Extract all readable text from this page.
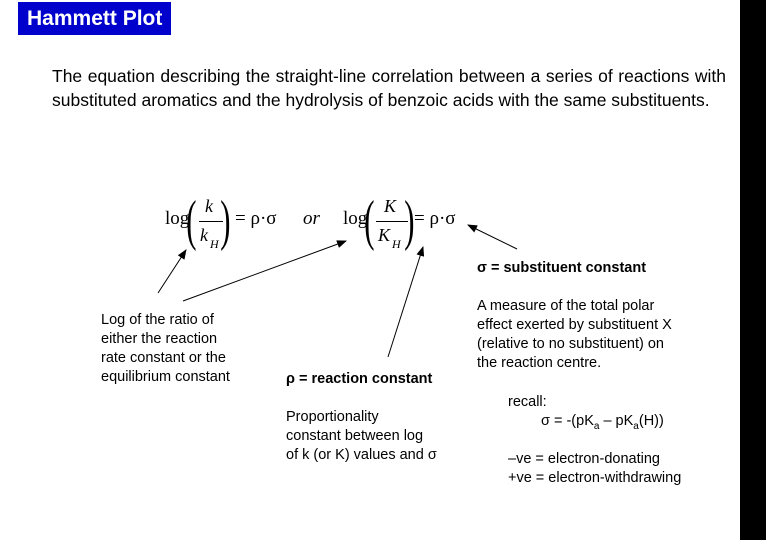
Hammett Plot
The equation describing the straight-line correlation between a series of reactions with substituted aromatics and the hydrolysis of benzoic acids with the same substituents.
log
( k
k H ) = ρ·σ or log
( K
K H ) = ρ·σ
Log of the ratio of
either the reaction
rate constant or the
equilibrium constant	ρ = reaction constant
Proportionality
constant between log
of k (or K) values and σ
σ = substituent constant
A measure of the total polar
effect exerted by substituent X
(relative to no substituent) on
the reaction centre.
recall:
$\sigma = -(pK_a - pK_a(H))$
–ve = electron-donating
+ve = electron-withdrawing
